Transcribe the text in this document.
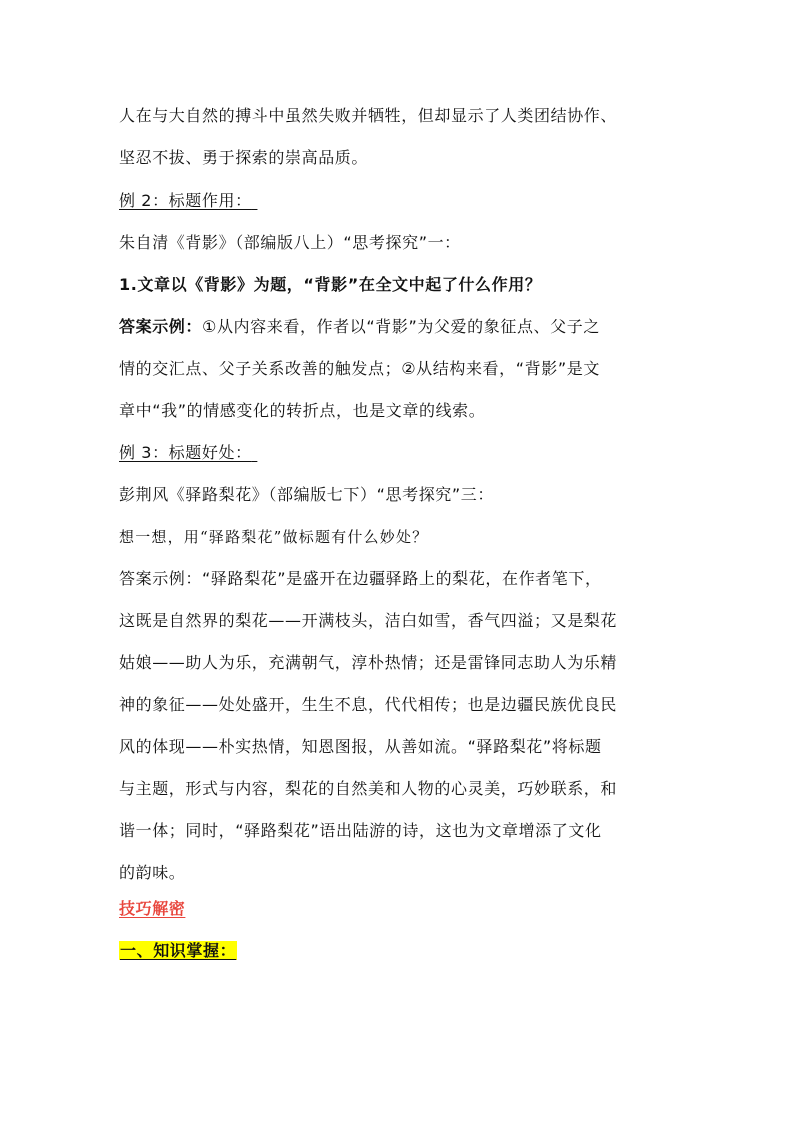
人在与大自然的搏斗中虽然失败并牺牲，但却显示了人类团结协作、
坚忍不拔、勇于探索的崇高品质。
例 2：标题作用：
朱自清《背影》（部编版八上）“思考探究”一：
1.文章以《背影》为题，“背影”在全文中起了什么作用？
答案示例：①从内容来看，作者以“背影”为父爱的象征点、父子之
情的交汇点、父子关系改善的触发点；②从结构来看，“背影”是文
章中“我”的情感变化的转折点，也是文章的线索。
例 3：标题好处：
彭荆风《驿路梨花》（部编版七下）“思考探究”三：
想一想，用“驿路梨花”做标题有什么妙处？
答案示例：“驿路梨花”是盛开在边疆驿路上的梨花，在作者笔下，
这既是自然界的梨花——开满枝头，洁白如雪，香气四溢；又是梨花
姑娘——助人为乐，充满朝气，淳朴热情；还是雷锋同志助人为乐精
神的象征——处处盛开，生生不息，代代相传；也是边疆民族优良民
风的体现——朴实热情，知恩图报，从善如流。“驿路梨花”将标题
与主题，形式与内容，梨花的自然美和人物的心灵美，巧妙联系，和
谐一体；同时，“驿路梨花”语出陆游的诗，这也为文章增添了文化
的韵味。
技巧解密
一、知识掌握：
